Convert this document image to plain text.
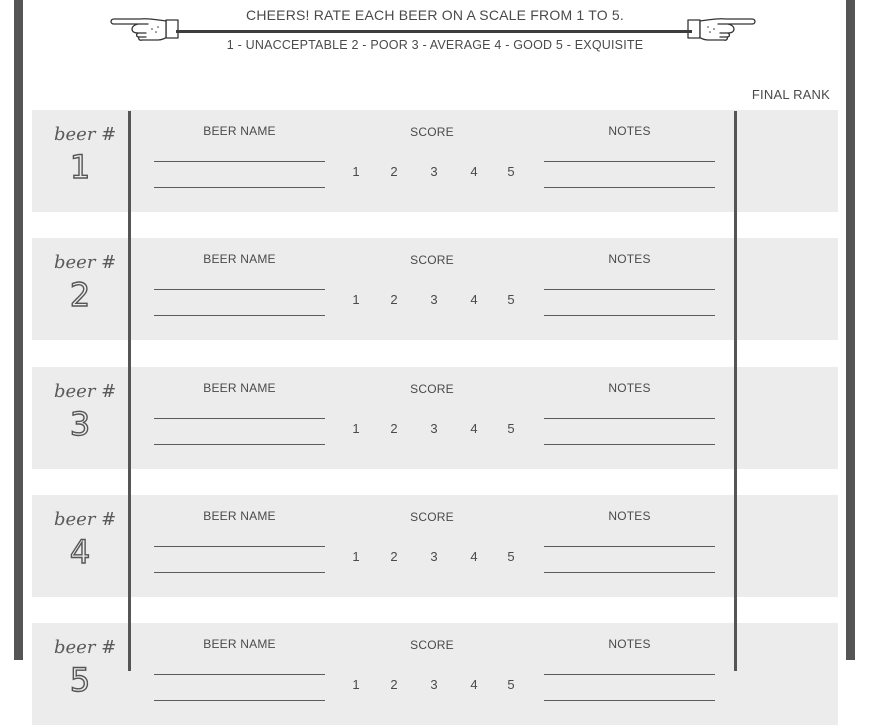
CHEERS! RATE EACH BEER ON A SCALE FROM 1 TO 5.
1 - UNACCEPTABLE 2 - POOR 3 - AVERAGE 4 - GOOD 5 - EXQUISITE
FINAL RANK
beer #
1
BEER NAME	SCORE	NOTES
1 2	3	4 5
beer #
2
BEER NAME	SCORE	NOTES
1 2	3	4 5
beer #
3
BEER NAME	SCORE	NOTES
1 2	3	4 5
beer #
4
BEER NAME	SCORE	NOTES
1 2	3	4 5
beer #
5
BEER NAME	SCORE	NOTES
1 2	3	4 5
